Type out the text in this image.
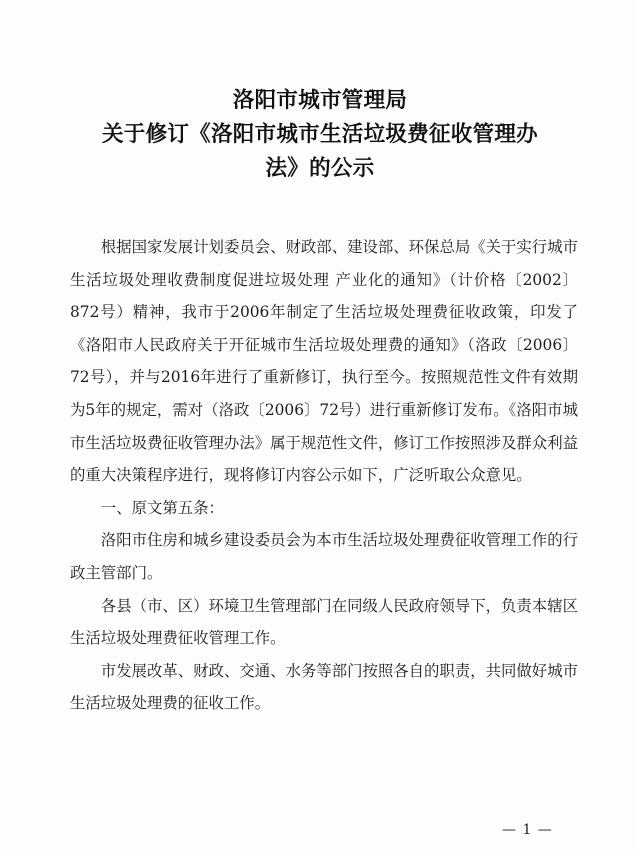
洛阳市城市管理局
关于修订《洛阳市城市生活垃圾费征收管理办
法》的公示

根据国家发展计划委员会、财政部、建设部、环保总局《关于实行城市生活垃圾处理收费制度促进垃圾处理 产业化的通知》（计价格〔2002〕872号）精神，我市于2006年制定了生活垃圾处理费征收政策，印发了《洛阳市人民政府关于开征城市生活垃圾处理费的通知》（洛政〔2006〕72号），并与2016年进行了重新修订，执行至今。按照规范性文件有效期为5年的规定，需对（洛政〔2006〕72号）进行重新修订发布。《洛阳市城市生活垃圾费征收管理办法》属于规范性文件，修订工作按照涉及群众利益的重大决策程序进行，现将修订内容公示如下，广泛听取公众意见。

一、原文第五条：

洛阳市住房和城乡建设委员会为本市生活垃圾处理费征收管理工作的行政主管部门。

各县（市、区）环境卫生管理部门在同级人民政府领导下，负责本辖区生活垃圾处理费征收管理工作。

市发展改革、财政、交通、水务等部门按照各自的职责，共同做好城市生活垃圾处理费的征收工作。

— 1 —
